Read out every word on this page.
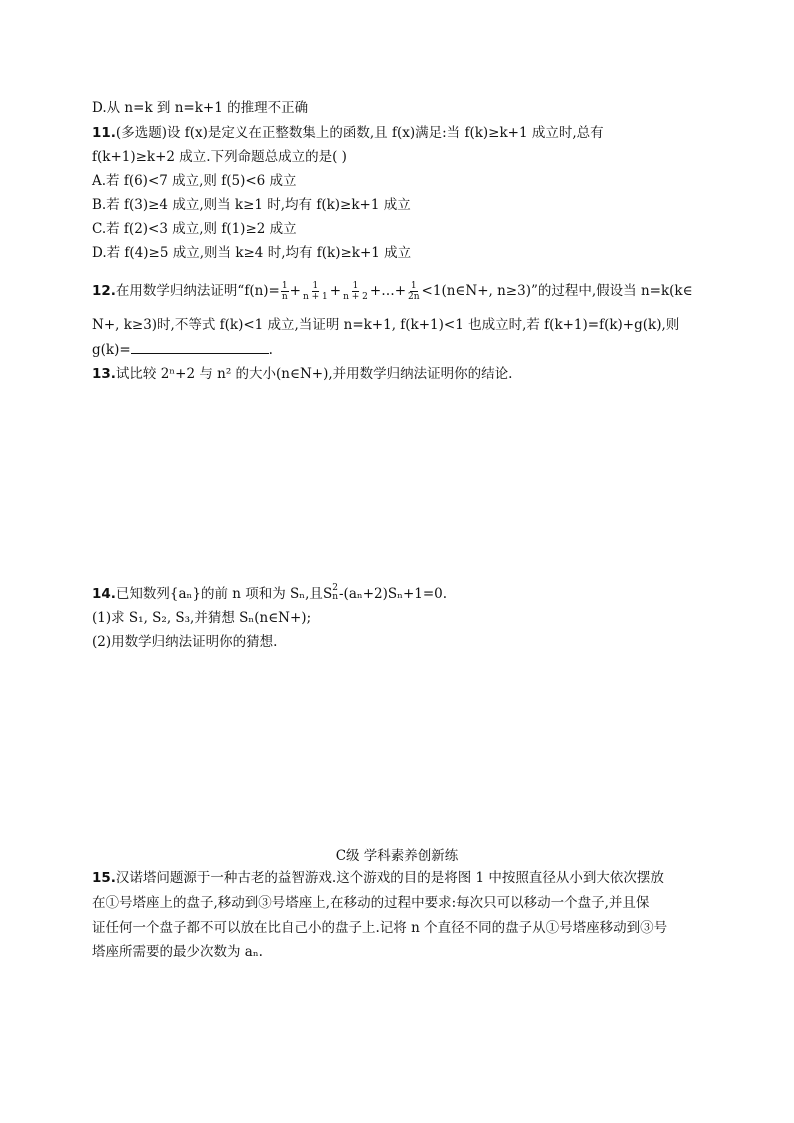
D.从 n=k 到 n=k+1 的推理不正确
11.(多选题)设 f(x)是定义在正整数集上的函数,且 f(x)满足:当 f(k)≥k+1 成立时,总有
f(k+1)≥k+2 成立.下列命题总成立的是( )
A.若 f(6)<7 成立,则 f(5)<6 成立
B.若 f(3)≥4 成立,则当 k≥1 时,均有 f(k)≥k+1 成立
C.若 f(2)<3 成立,则 f(1)≥2 成立
D.若 f(4)≥5 成立,则当 k≥4 时,均有 f(k)≥k+1 成立
12.在用数学归纳法证明“$f(n)= \frac{1}{n} + \frac{1}{n + 1} + \frac{1}{n + 2}$ +…+ $\frac{1}{2n}$ <1(n∈N+, n≥3)”的过程中,假设当 n=k(k∈
N+, k≥3)时,不等式 f(k)<1 成立,当证明 n=k+1, f(k+1)<1 也成立时,若 f(k+1)=f(k)+g(k),则
g(k)=	.
13.试比较 2ⁿ+2 与 n² 的大小(n∈N+),并用数学归纳法证明你的结论.
14.已知数列{aₙ}的前 n 项和为 Sₙ,且S 2
n -(aₙ+2)Sₙ+1=0.
(1)求 S₁, S₂, S₃,并猜想 Sₙ(n∈N+);
(2)用数学归纳法证明你的猜想.
C级 学科素养创新练
15.汉诺塔问题源于一种古老的益智游戏.这个游戏的目的是将图 1 中按照直径从小到大依次摆放
在①号塔座上的盘子,移动到③号塔座上,在移动的过程中要求:每次只可以移动一个盘子,并且保
证任何一个盘子都不可以放在比自己小的盘子上.记将 n 个直径不同的盘子从①号塔座移动到③号
塔座所需要的最少次数为 aₙ.
